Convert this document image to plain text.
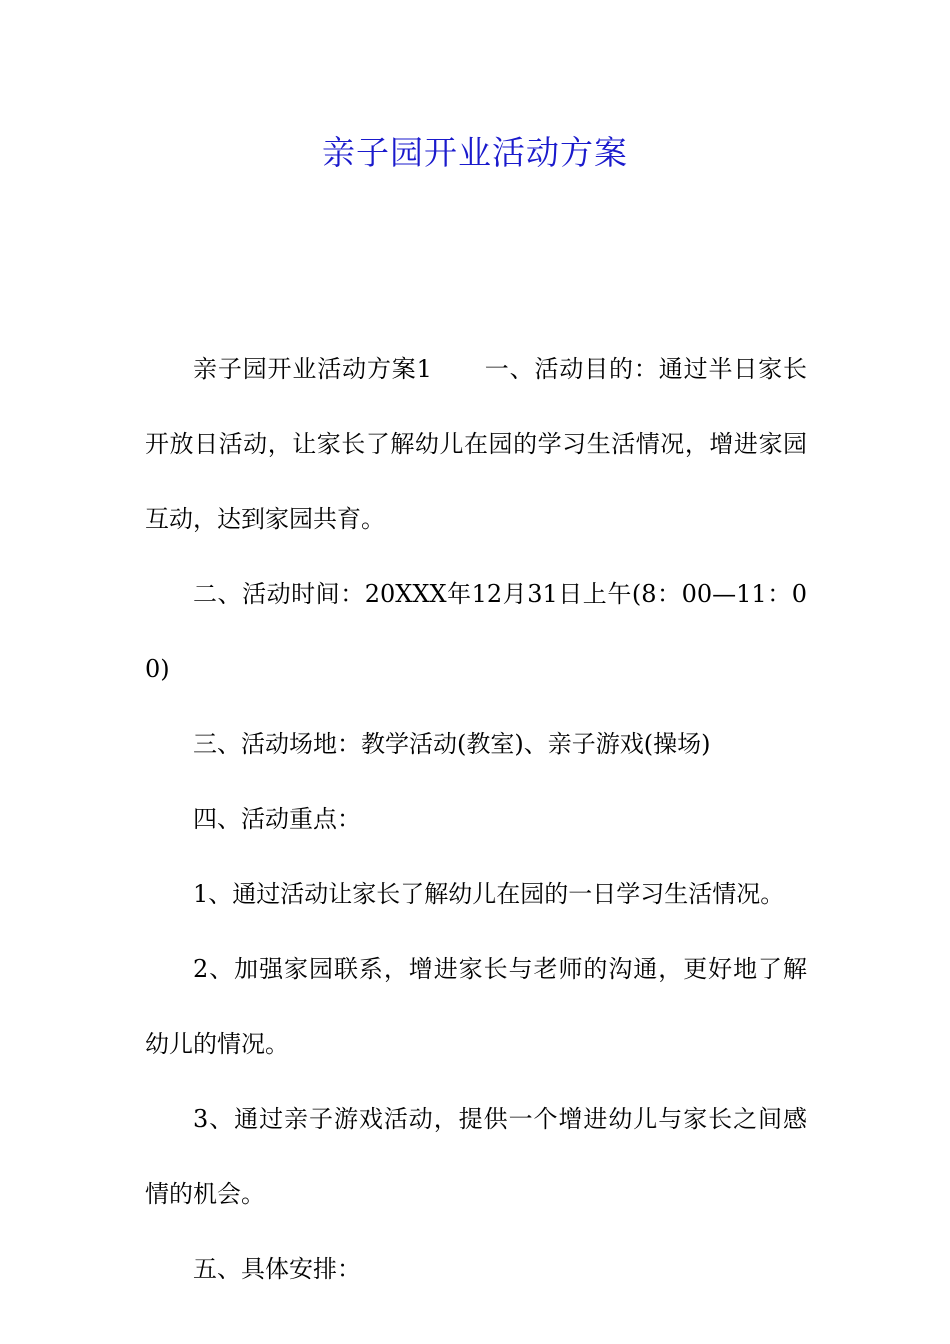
亲子园开业活动方案

亲子园开业活动方案1 一、活动目的：通过半日家长开放日活动，让家长了解幼儿在园的学习生活情况，增进家园互动，达到家园共育。

二、活动时间：20XXX年12月31日上午(8：00—11：00)

三、活动场地：教学活动(教室)、亲子游戏(操场)

四、活动重点：

1、通过活动让家长了解幼儿在园的一日学习生活情况。

2、加强家园联系，增进家长与老师的沟通，更好地了解幼儿的情况。

3、通过亲子游戏活动，提供一个增进幼儿与家长之间感情的机会。

五、具体安排：
